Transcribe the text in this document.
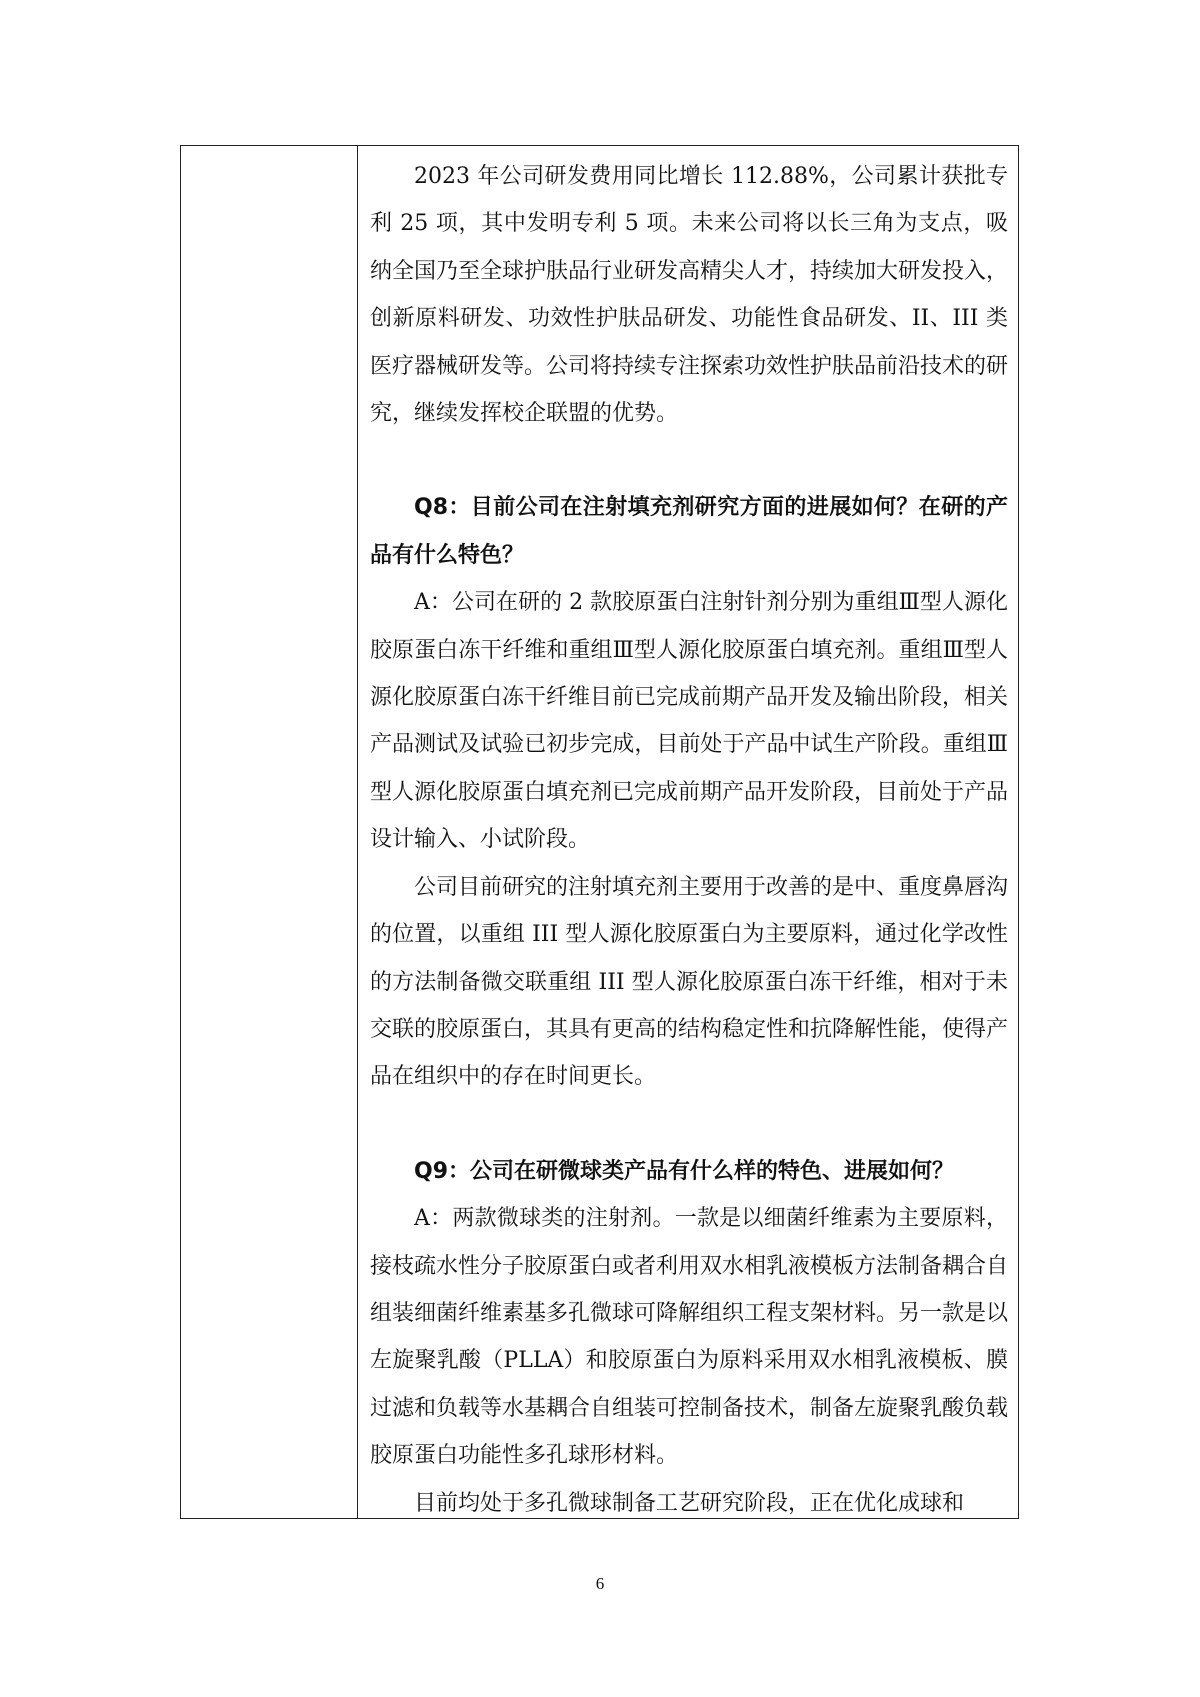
2023 年公司研发费用同比增长 112.88%，公司累计获批专利 25 项，其中发明专利 5 项。未来公司将以长三角为支点，吸纳全国乃至全球护肤品行业研发高精尖人才，持续加大研发投入，创新原料研发、功效性护肤品研发、功能性食品研发、II、III 类医疗器械研发等。公司将持续专注探索功效性护肤品前沿技术的研究，继续发挥校企联盟的优势。

Q8：目前公司在注射填充剂研究方面的进展如何？在研的产品有什么特色？

A：公司在研的 2 款胶原蛋白注射针剂分别为重组Ⅲ型人源化胶原蛋白冻干纤维和重组Ⅲ型人源化胶原蛋白填充剂。重组Ⅲ型人源化胶原蛋白冻干纤维目前已完成前期产品开发及输出阶段，相关产品测试及试验已初步完成，目前处于产品中试生产阶段。重组Ⅲ型人源化胶原蛋白填充剂已完成前期产品开发阶段，目前处于产品设计输入、小试阶段。

公司目前研究的注射填充剂主要用于改善的是中、重度鼻唇沟的位置，以重组 III 型人源化胶原蛋白为主要原料，通过化学改性的方法制备微交联重组 III 型人源化胶原蛋白冻干纤维，相对于未交联的胶原蛋白，其具有更高的结构稳定性和抗降解性能，使得产品在组织中的存在时间更长。

Q9：公司在研微球类产品有什么样的特色、进展如何？

A：两款微球类的注射剂。一款是以细菌纤维素为主要原料，接枝疏水性分子胶原蛋白或者利用双水相乳液模板方法制备耦合自组装细菌纤维素基多孔微球可降解组织工程支架材料。另一款是以左旋聚乳酸（PLLA）和胶原蛋白为原料采用双水相乳液模板、膜过滤和负载等水基耦合自组装可控制备技术，制备左旋聚乳酸负载胶原蛋白功能性多孔球形材料。

目前均处于多孔微球制备工艺研究阶段，正在优化成球和

6
